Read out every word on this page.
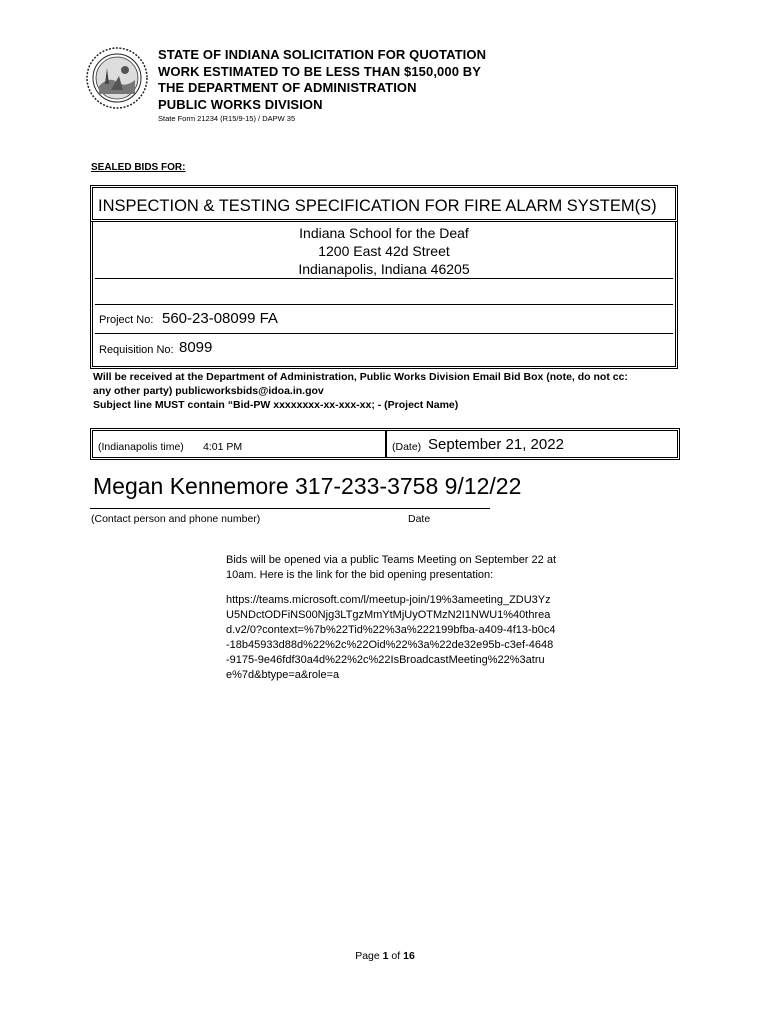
STATE OF INDIANA SOLICITATION FOR QUOTATION
WORK ESTIMATED TO BE LESS THAN $150,000 BY
THE DEPARTMENT OF ADMINISTRATION
PUBLIC WORKS DIVISION
State Form 21234 (R15/9-15) / DAPW 35
SEALED BIDS FOR:
INSPECTION & TESTING SPECIFICATION FOR FIRE ALARM SYSTEM(S)
Indiana School for the Deaf
1200 East 42d Street
Indianapolis, Indiana 46205
Project No: 560-23-08099 FA
Requisition No: 8099
Will be received at the Department of Administration, Public Works Division Email Bid Box (note, do not cc:
any other party) publicworksbids@idoa.in.gov
Subject line MUST contain “Bid-PW xxxxxxxx-xx-xxx-xx; - (Project Name)
(Indianapolis time) 4:01 PM	(Date) September 21, 2022
Megan Kennemore 317-233-3758 9/12/22
(Contact person and phone number)	Date
Bids will be opened via a public Teams Meeting on September 22 at 10am. Here is the link for the bid opening presentation:
https://teams.microsoft.com/l/meetup-join/19%3ameeting_ZDU3YzU5NDctODFiNS00Njg3LTgzMmYtMjUyOTMzN2I1NWU1%40thread.v2/0?context=%7b%22Tid%22%3a%222199bfba-a409-4f13-b0c4-18b45933d88d%22%2c%22Oid%22%3a%22de32e95b-c3ef-4648-9175-9e46fdf30a4d%22%2c%22IsBroadcastMeeting%22%3atrue%7d&btype=a&role=a
Page 1 of 16
